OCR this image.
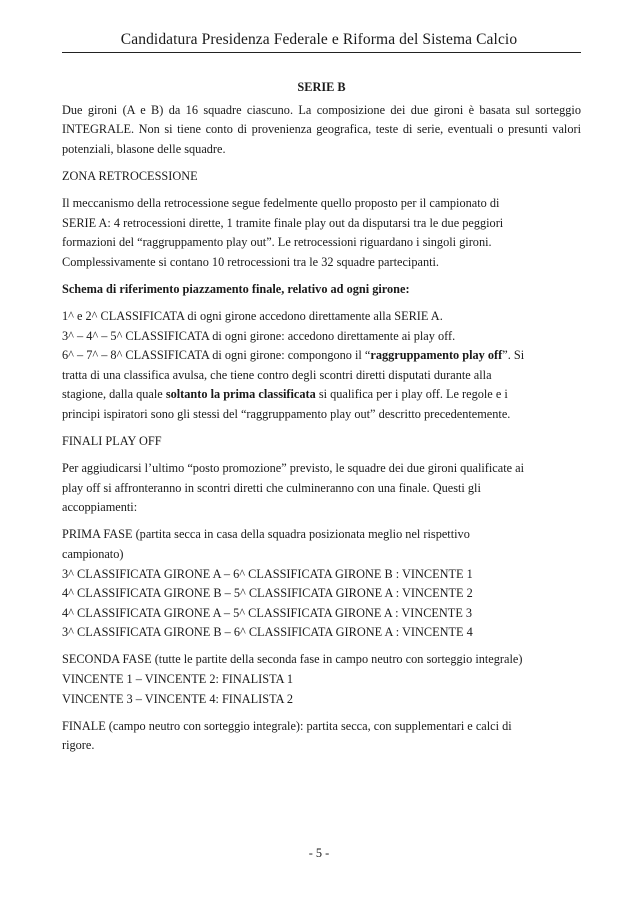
Candidatura Presidenza Federale e Riforma del Sistema Calcio

SERIE B

Due gironi (A e B) da 16 squadre ciascuno. La composizione dei due gironi è basata sul sorteggio INTEGRALE. Non si tiene conto di provenienza geografica, teste di serie, eventuali o presunti valori potenziali, blasone delle squadre.

ZONA RETROCESSIONE

Il meccanismo della retrocessione segue fedelmente quello proposto per il campionato di
SERIE A: 4 retrocessioni dirette, 1 tramite finale play out da disputarsi tra le due peggiori
formazioni del “raggruppamento play out”. Le retrocessioni riguardano i singoli gironi.
Complessivamente si contano 10 retrocessioni tra le 32 squadre partecipanti.

Schema di riferimento piazzamento finale, relativo ad ogni girone:

1^ e 2^ CLASSIFICATA di ogni girone accedono direttamente alla SERIE A.
3^ – 4^ – 5^ CLASSIFICATA di ogni girone: accedono direttamente ai play off.
6^ – 7^ – 8^ CLASSIFICATA di ogni girone: compongono il “raggruppamento play off”. Si
tratta di una classifica avulsa, che tiene contro degli scontri diretti disputati durante alla
stagione, dalla quale soltanto la prima classificata si qualifica per i play off. Le regole e i
principi ispiratori sono gli stessi del “raggruppamento play out” descritto precedentemente.

FINALI PLAY OFF

Per aggiudicarsi l’ultimo “posto promozione” previsto, le squadre dei due gironi qualificate ai
play off si affronteranno in scontri diretti che culmineranno con una finale. Questi gli
accoppiamenti:

PRIMA FASE (partita secca in casa della squadra posizionata meglio nel rispettivo
campionato)
3^ CLASSIFICATA GIRONE A – 6^ CLASSIFICATA GIRONE B : VINCENTE 1
4^ CLASSIFICATA GIRONE B – 5^ CLASSIFICATA GIRONE A : VINCENTE 2
4^ CLASSIFICATA GIRONE A – 5^ CLASSIFICATA GIRONE A : VINCENTE 3
3^ CLASSIFICATA GIRONE B – 6^ CLASSIFICATA GIRONE A : VINCENTE 4

SECONDA FASE (tutte le partite della seconda fase in campo neutro con sorteggio integrale)
VINCENTE 1 – VINCENTE 2: FINALISTA 1
VINCENTE 3 – VINCENTE 4: FINALISTA 2

FINALE (campo neutro con sorteggio integrale): partita secca, con supplementari e calci di
rigore.

- 5 -
